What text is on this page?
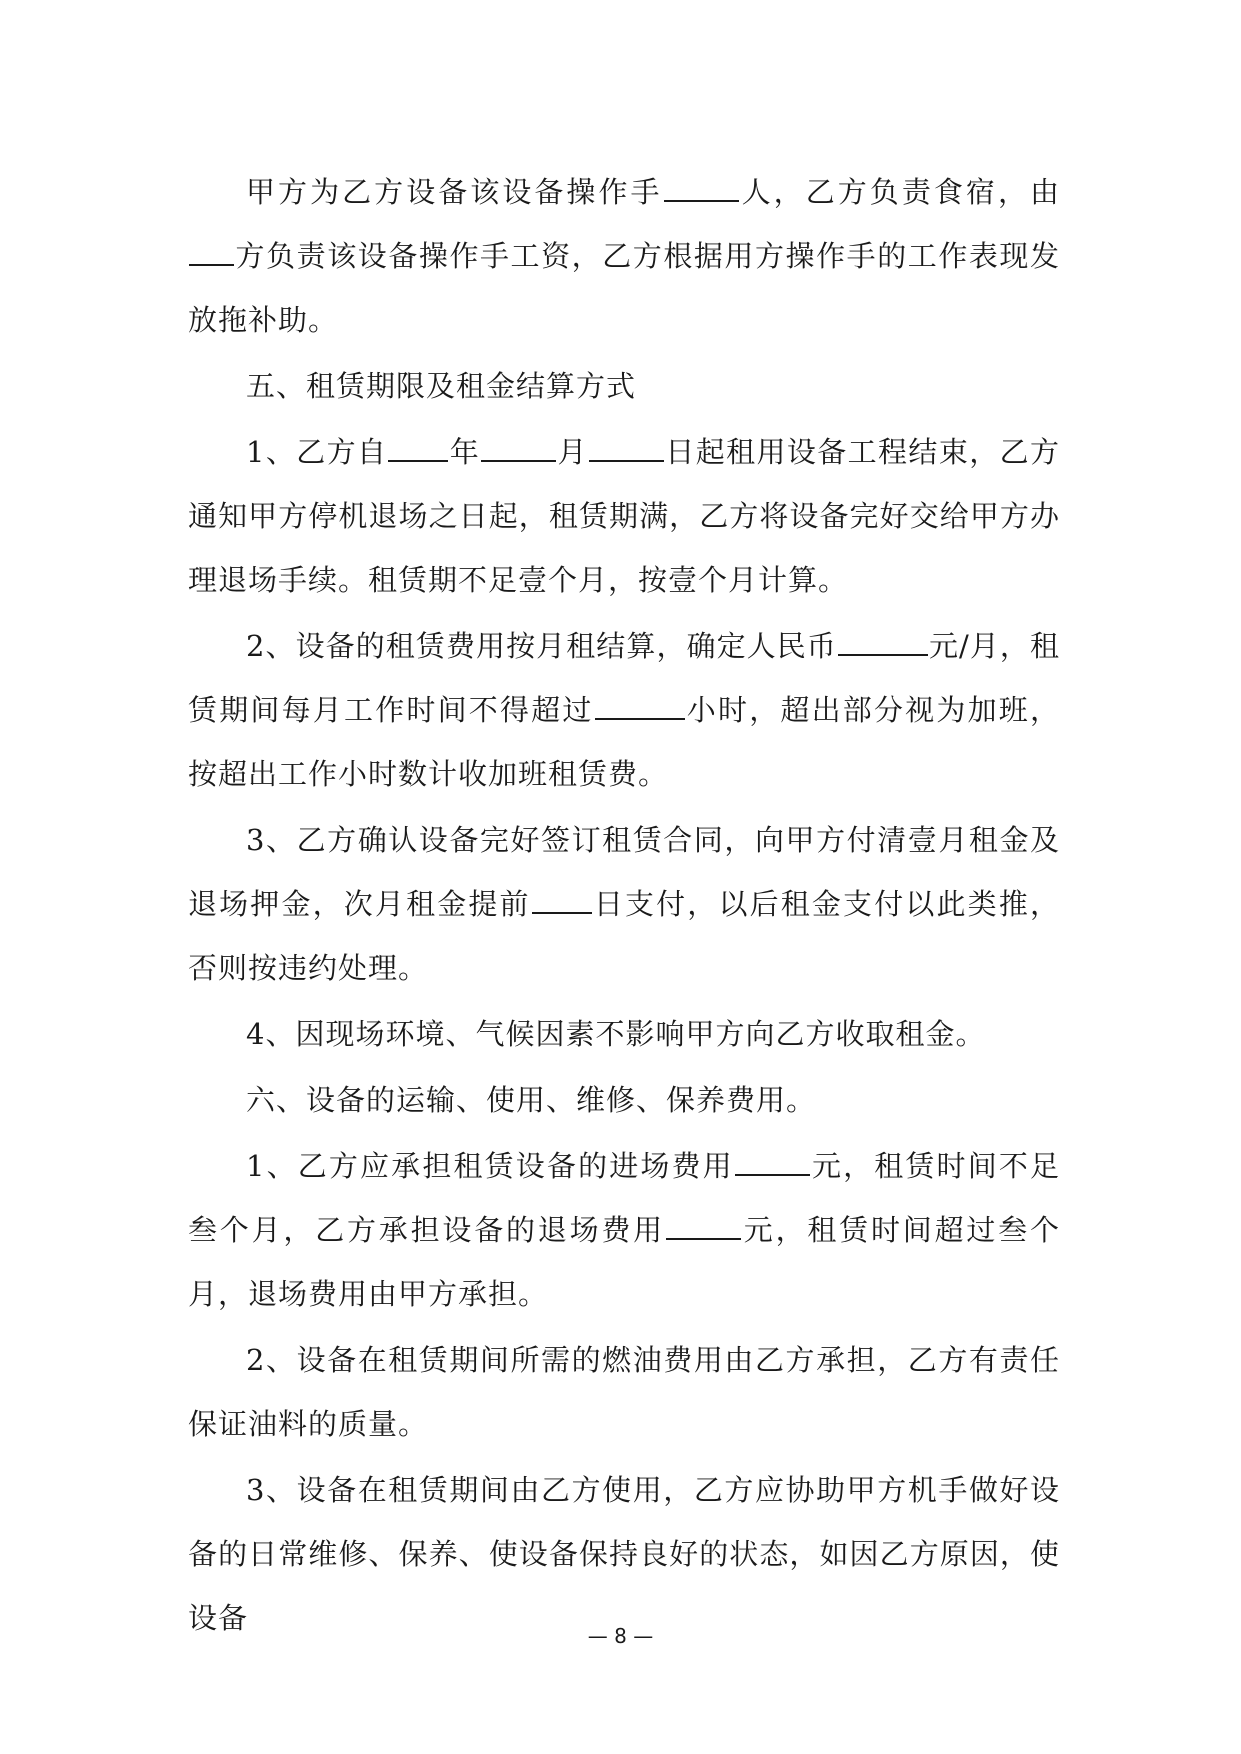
甲方为乙方设备该设备操作手	人，乙方负责食宿，由方负责该设备操作手工资，乙方根据用方操作手的工作表现发放拖补助。

五、租赁期限及租金结算方式

1、乙方自 年	月	日起租用设备工程结束，乙方通知甲方停机退场之日起，租赁期满，乙方将设备完好交给甲方办理退场手续。租赁期不足壹个月，按壹个月计算。

2、设备的租赁费用按月租结算，确定人民币	元/月，租赁期间每月工作时间不得超过	小时，超出部分视为加班，按超出工作小时数计收加班租赁费。

3、乙方确认设备完好签订租赁合同，向甲方付清壹月租金及退场押金，次月租金提前 日支付，以后租金支付以此类推，否则按违约处理。

4、因现场环境、气候因素不影响甲方向乙方收取租金。

六、设备的运输、使用、维修、保养费用。

1、乙方应承担租赁设备的进场费用	元，租赁时间不足叁个月，乙方承担设备的退场费用	元，租赁时间超过叁个月，退场费用由甲方承担。

2、设备在租赁期间所需的燃油费用由乙方承担，乙方有责任保证油料的质量。

3、设备在租赁期间由乙方使用，乙方应协助甲方机手做好设备的日常维修、保养、使设备保持良好的状态，如因乙方原因，使设备

— 8 —
